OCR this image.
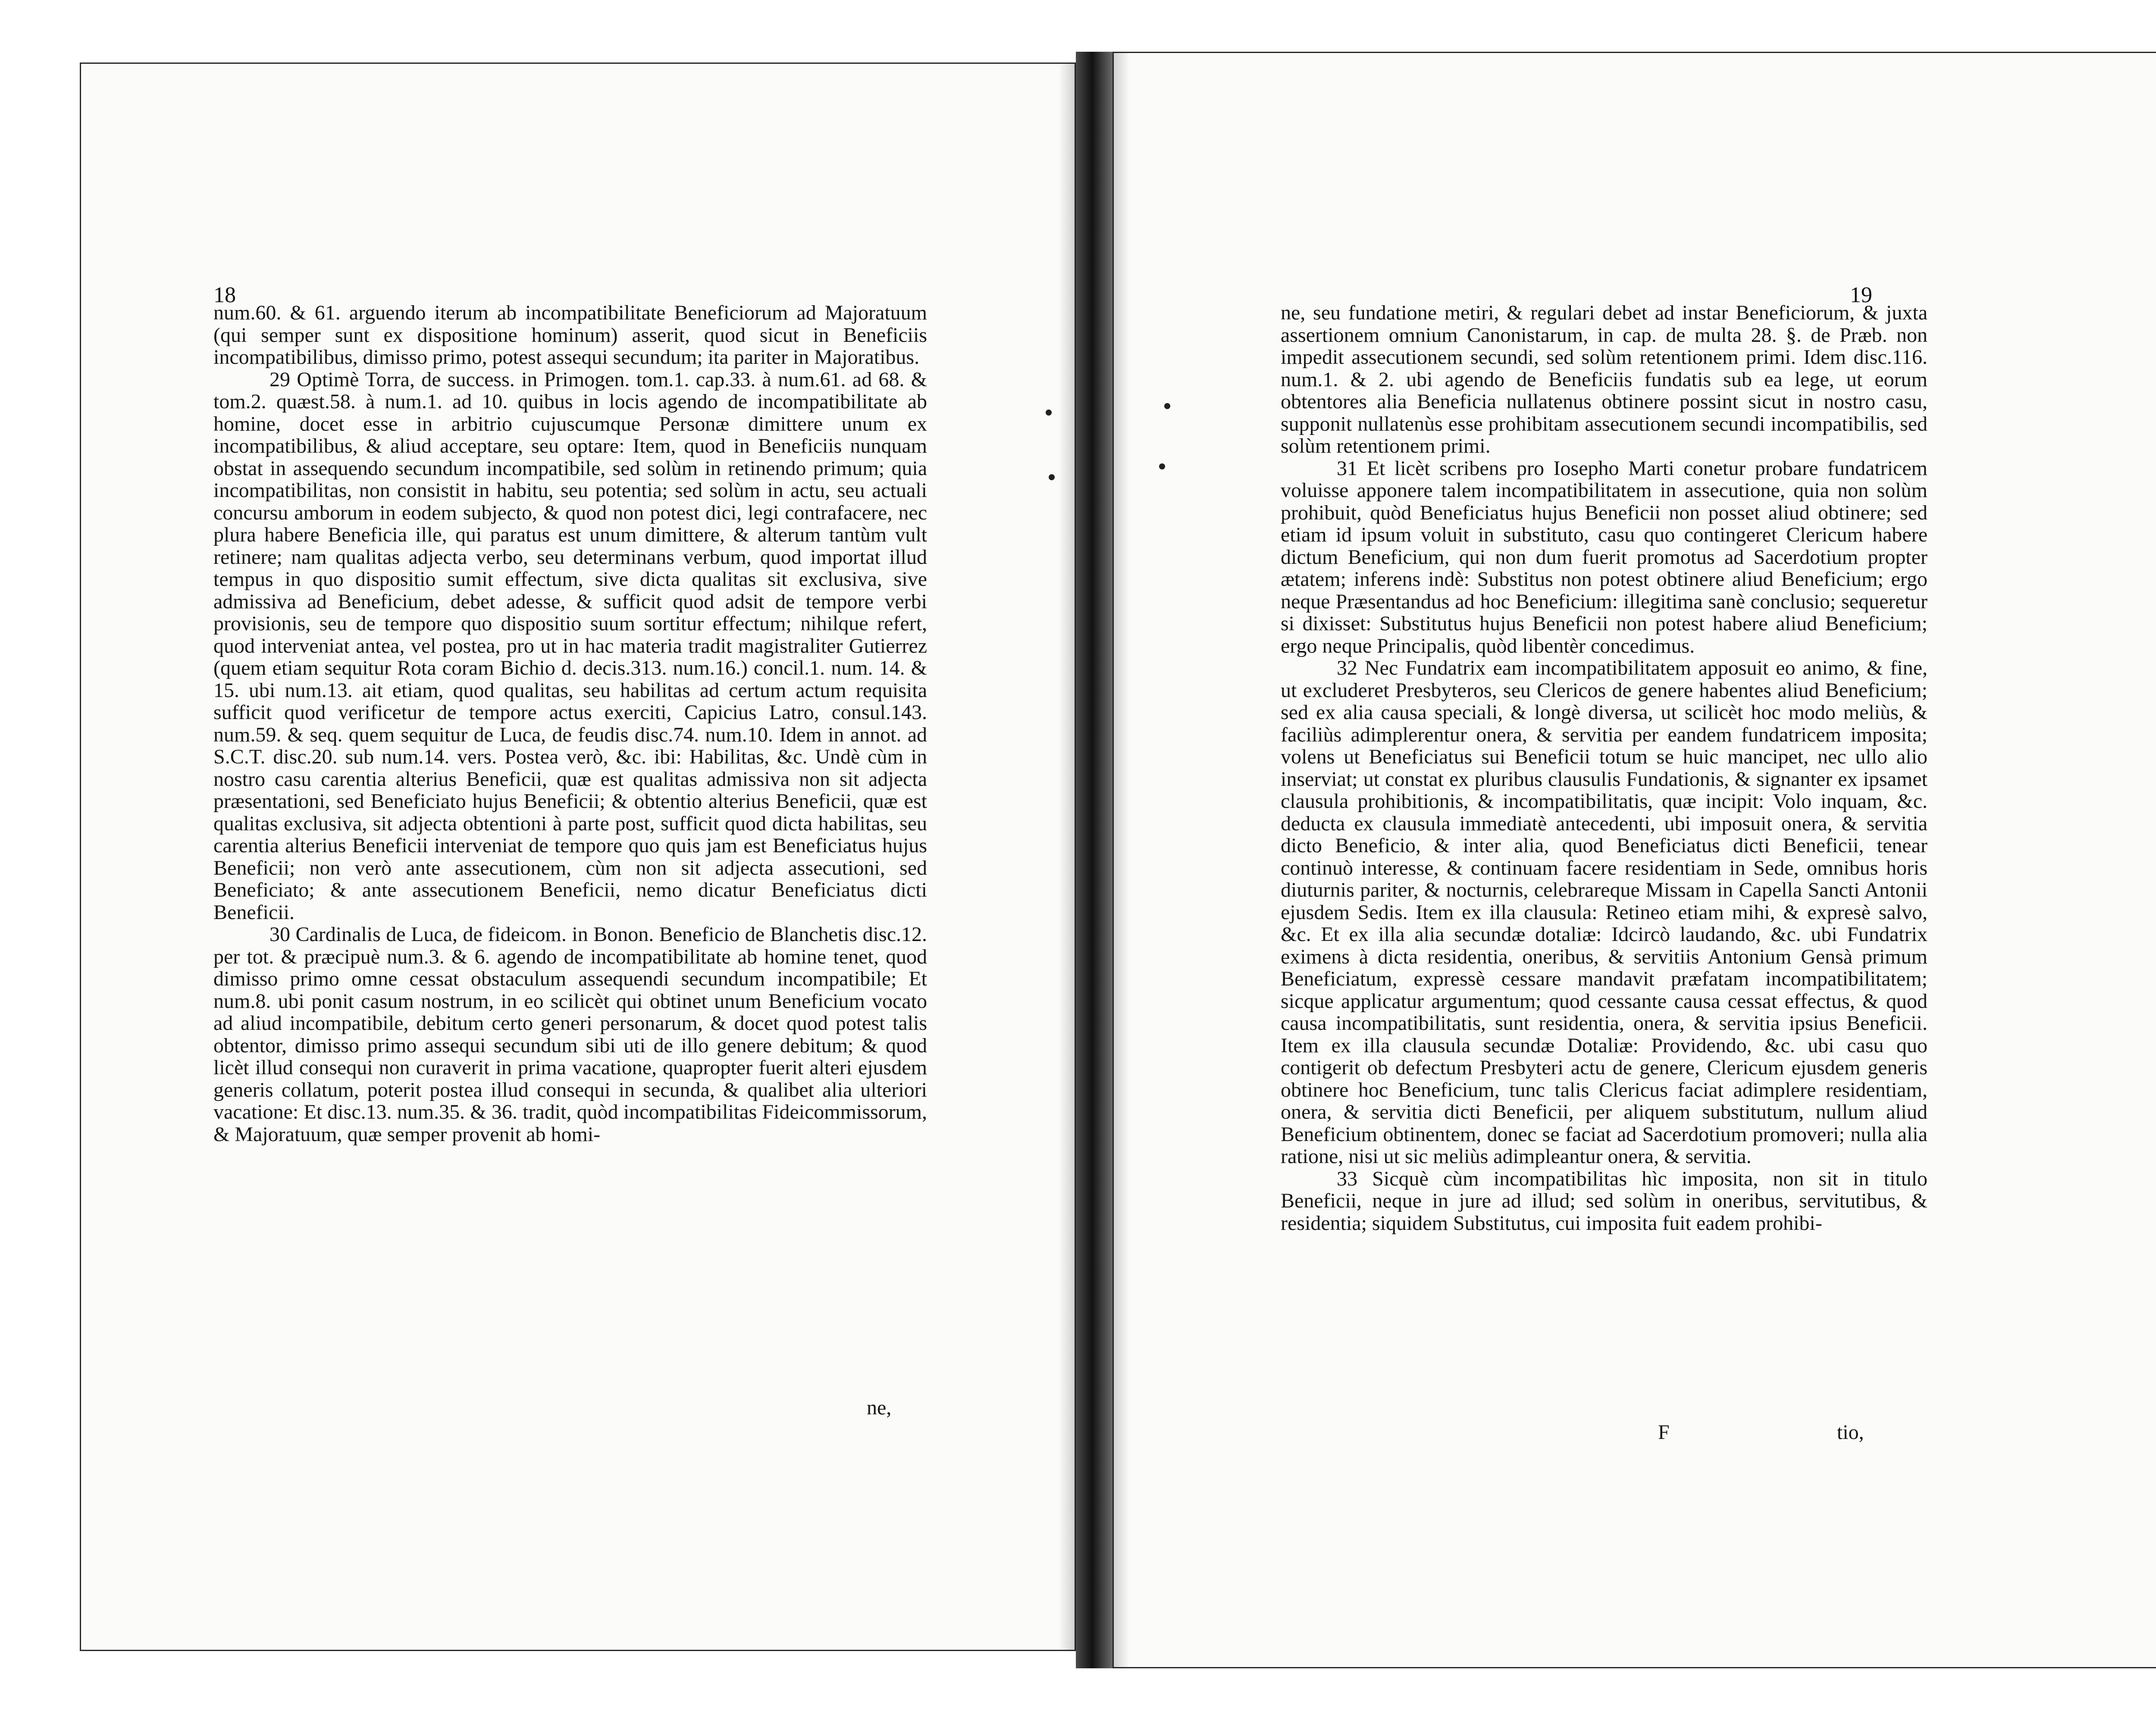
18

num.60. & 61. arguendo iterum ab incompatibilitate Beneficiorum ad Majoratuum (qui semper sunt ex dispositione hominum) asserit, quod sicut in Beneficiis incompatibilibus, dimisso primo, potest assequi secundum; ita pariter in Majoratibus.

29 Optimè Torra, de success. in Primogen. tom.1. cap.33. à num.61. ad 68. & tom.2. quæst.58. à num.1. ad 10. quibus in locis agendo de incompatibilitate ab homine, docet esse in arbitrio cujuscumque Personæ dimittere unum ex incompatibilibus, & aliud acceptare, seu optare: Item, quod in Beneficiis nunquam obstat in assequendo secundum incompatibile, sed solùm in retinendo primum; quia incompatibilitas, non consistit in habitu, seu potentia; sed solùm in actu, seu actuali concursu amborum in eodem subjecto, & quod non potest dici, legi contrafacere, nec plura habere Beneficia ille, qui paratus est unum dimittere, & alterum tantùm vult retinere; nam qualitas adjecta verbo, seu determinans verbum, quod importat illud tempus in quo dispositio sumit effectum, sive dicta qualitas sit exclusiva, sive admissiva ad Beneficium, debet adesse, & sufficit quod adsit de tempore verbi provisionis, seu de tempore quo dispositio suum sortitur effectum; nihilque refert, quod interveniat antea, vel postea, pro ut in hac materia tradit magistraliter Gutierrez (quem etiam sequitur Rota coram Bichio d. decis.313. num.16.) concil.1. num. 14. & 15. ubi num.13. ait etiam, quod qualitas, seu habilitas ad certum actum requisita sufficit quod verificetur de tempore actus exerciti, Capicius Latro, consul.143. num.59. & seq. quem sequitur de Luca, de feudis disc.74. num.10. Idem in annot. ad S.C.T. disc.20. sub num.14. vers. Postea verò, &c. ibi: Habilitas, &c. Undè cùm in nostro casu carentia alterius Beneficii, quæ est qualitas admissiva non sit adjecta præsentationi, sed Beneficiato hujus Beneficii; & obtentio alterius Beneficii, quæ est qualitas exclusiva, sit adjecta obtentioni à parte post, sufficit quod dicta habilitas, seu carentia alterius Beneficii interveniat de tempore quo quis jam est Beneficiatus hujus Beneficii; non verò ante assecutionem, cùm non sit adjecta assecutioni, sed Beneficiato; & ante assecutionem Beneficii, nemo dicatur Beneficiatus dicti Beneficii.

30 Cardinalis de Luca, de fideicom. in Bonon. Beneficio de Blanchetis disc.12. per tot. & præcipuè num.3. & 6. agendo de incompatibilitate ab homine tenet, quod dimisso primo omne cessat obstaculum assequendi secundum incompatibile; Et num.8. ubi ponit casum nostrum, in eo scilicèt qui obtinet unum Beneficium vocato ad aliud incompatibile, debitum certo generi personarum, & docet quod potest talis obtentor, dimisso primo assequi secundum sibi uti de illo genere debitum; & quod licèt illud consequi non curaverit in prima vacatione, quapropter fuerit alteri ejusdem generis collatum, poterit postea illud consequi in secunda, & qualibet alia ulteriori vacatione: Et disc.13. num.35. & 36. tradit, quòd incompatibilitas Fideicommissorum, & Majoratuum, quæ semper provenit ab homi-

ne,
19

ne, seu fundatione metiri, & regulari debet ad instar Beneficiorum, & juxta assertionem omnium Canonistarum, in cap. de multa 28. §. de Præb. non impedit assecutionem secundi, sed solùm retentionem primi. Idem disc.116. num.1. & 2. ubi agendo de Beneficiis fundatis sub ea lege, ut eorum obtentores alia Beneficia nullatenus obtinere possint sicut in nostro casu, supponit nullatenùs esse prohibitam assecutionem secundi incompatibilis, sed solùm retentionem primi.

31 Et licèt scribens pro Iosepho Marti conetur probare fundatricem voluisse apponere talem incompatibilitatem in assecutione, quia non solùm prohibuit, quòd Beneficiatus hujus Beneficii non posset aliud obtinere; sed etiam id ipsum voluit in substituto, casu quo contingeret Clericum habere dictum Beneficium, qui non dum fuerit promotus ad Sacerdotium propter ætatem; inferens indè: Substitus non potest obtinere aliud Beneficium; ergo neque Præsentandus ad hoc Beneficium: illegitima sanè conclusio; sequeretur si dixisset: Substitutus hujus Beneficii non potest habere aliud Beneficium; ergo neque Principalis, quòd libentèr concedimus.

32 Nec Fundatrix eam incompatibilitatem apposuit eo animo, & fine, ut excluderet Presbyteros, seu Clericos de genere habentes aliud Beneficium; sed ex alia causa speciali, & longè diversa, ut scilicèt hoc modo meliùs, & faciliùs adimplerentur onera, & servitia per eandem fundatricem imposita; volens ut Beneficiatus sui Beneficii totum se huic mancipet, nec ullo alio inserviat; ut constat ex pluribus clausulis Fundationis, & signanter ex ipsamet clausula prohibitionis, & incompatibilitatis, quæ incipit: Volo inquam, &c. deducta ex clausula immediatè antecedenti, ubi imposuit onera, & servitia dicto Beneficio, & inter alia, quod Beneficiatus dicti Beneficii, tenear continuò interesse, & continuam facere residentiam in Sede, omnibus horis diuturnis pariter, & nocturnis, celebrareque Missam in Capella Sancti Antonii ejusdem Sedis. Item ex illa clausula: Retineo etiam mihi, & expresè salvo, &c. Et ex illa alia secundæ dotaliæ: Idcircò laudando, &c. ubi Fundatrix eximens à dicta residentia, oneribus, & servitiis Antonium Gensà primum Beneficiatum, expressè cessare mandavit præfatam incompatibilitatem; sicque applicatur argumentum; quod cessante causa cessat effectus, & quod causa incompatibilitatis, sunt residentia, onera, & servitia ipsius Beneficii. Item ex illa clausula secundæ Dotaliæ: Providendo, &c. ubi casu quo contigerit ob defectum Presbyteri actu de genere, Clericum ejusdem generis obtinere hoc Beneficium, tunc talis Clericus faciat adimplere residentiam, onera, & servitia dicti Beneficii, per aliquem substitutum, nullum aliud Beneficium obtinentem, donec se faciat ad Sacerdotium promoveri; nulla alia ratione, nisi ut sic meliùs adimpleantur onera, & servitia.

33 Sicquè cùm incompatibilitas hìc imposita, non sit in titulo Beneficii, neque in jure ad illud; sed solùm in oneribus, servitutibus, & residentia; siquidem Substitutus, cui imposita fuit eadem prohibi-

F	tio,
